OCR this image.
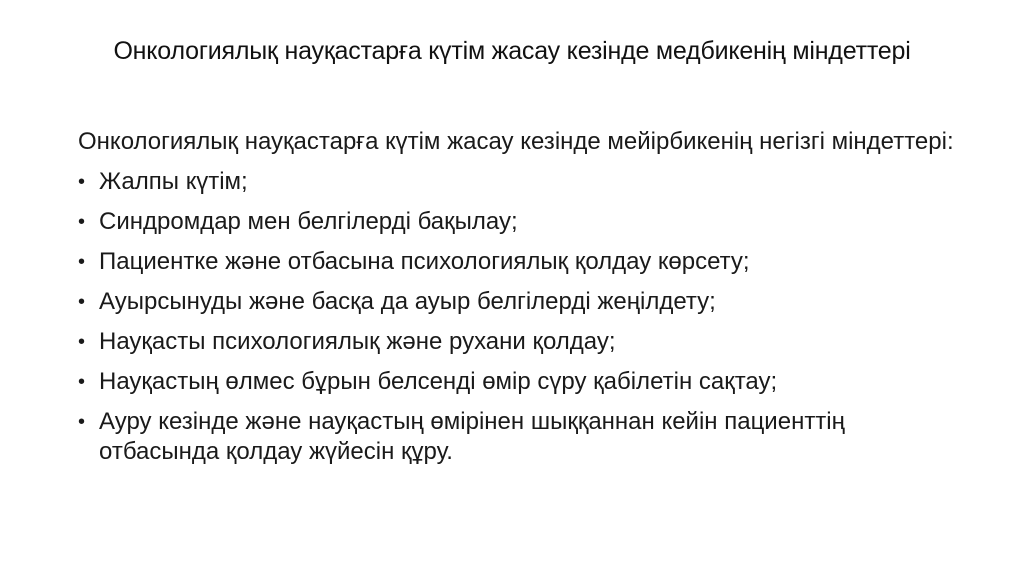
Онкологиялық науқастарға күтім жасау кезінде медбикенің міндеттері

Онкологиялық науқастарға күтім жасау кезінде мейірбикенің негізгі міндеттері:

• Жалпы күтім;
• Синдромдар мен белгілерді бақылау;
• Пациентке және отбасына психологиялық қолдау көрсету;
• Ауырсынуды және басқа да ауыр белгілерді жеңілдету;
• Науқасты психологиялық және рухани қолдау;
• Науқастың өлмес бұрын белсенді өмір сүру қабілетін сақтау;
• Ауру кезінде және науқастың өмірінен шыққаннан кейін пациенттің отбасында қолдау жүйесін құру.
